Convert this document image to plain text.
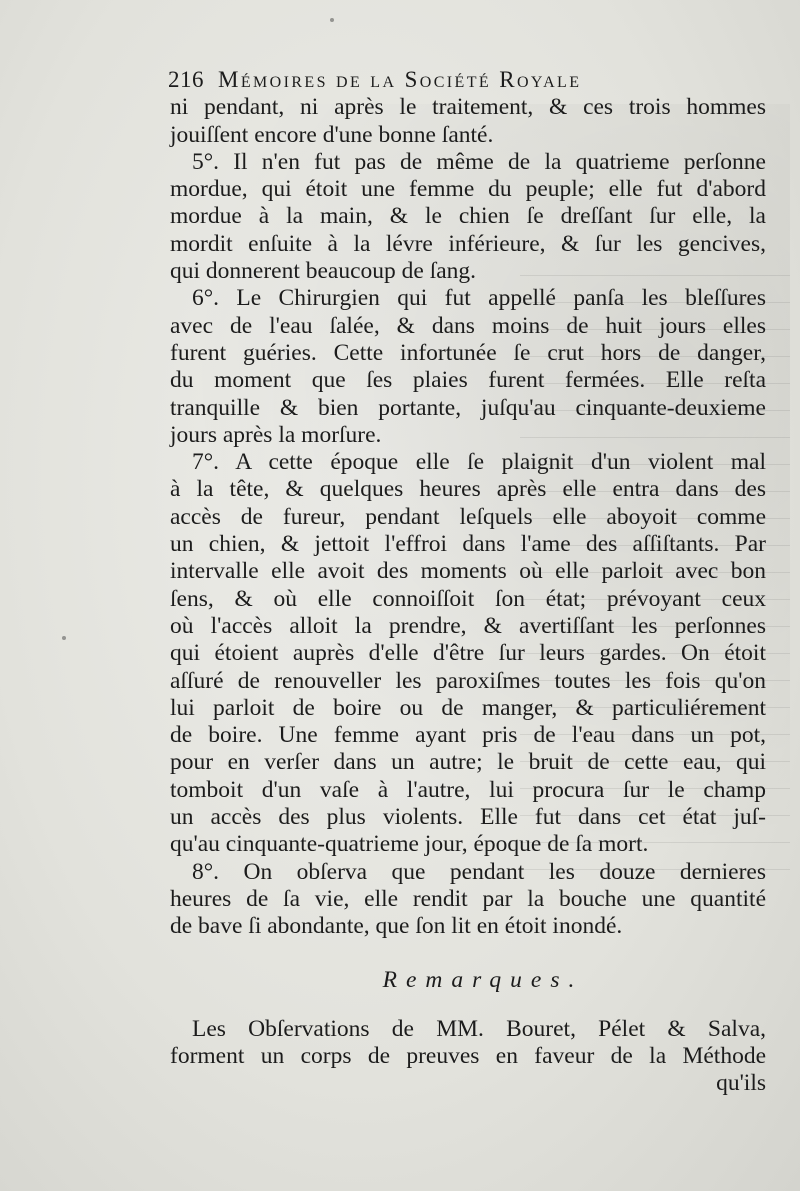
216 Mémoires de la Société Royale
ni pendant, ni après le traitement, & ces trois hommes
jouiſſent encore d'une bonne ſanté.
5°. Il n'en fut pas de même de la quatrieme perſonne
mordue, qui étoit une femme du peuple; elle fut d'abord
mordue à la main, & le chien ſe dreſſant ſur elle, la
mordit enſuite à la lévre inférieure, & ſur les gencives,
qui donnerent beaucoup de ſang.
6°. Le Chirurgien qui fut appellé panſa les bleſſures
avec de l'eau ſalée, & dans moins de huit jours elles
furent guéries. Cette infortunée ſe crut hors de danger,
du moment que ſes plaies furent fermées. Elle reſta
tranquille & bien portante, juſqu'au cinquante-deuxieme
jours après la morſure.
7°. A cette époque elle ſe plaignit d'un violent mal
à la tête, & quelques heures après elle entra dans des
accès de fureur, pendant leſquels elle aboyoit comme
un chien, & jettoit l'effroi dans l'ame des aſſiſtants. Par
intervalle elle avoit des moments où elle parloit avec bon
ſens, & où elle connoiſſoit ſon état; prévoyant ceux
où l'accès alloit la prendre, & avertiſſant les perſonnes
qui étoient auprès d'elle d'être ſur leurs gardes. On étoit
aſſuré de renouveller les paroxiſmes toutes les fois qu'on
lui parloit de boire ou de manger, & particuliérement
de boire. Une femme ayant pris de l'eau dans un pot,
pour en verſer dans un autre; le bruit de cette eau, qui
tomboit d'un vaſe à l'autre, lui procura ſur le champ
un accès des plus violents. Elle fut dans cet état juſ-
qu'au cinquante-quatrieme jour, époque de ſa mort.
8°. On obſerva que pendant les douze dernieres
heures de ſa vie, elle rendit par la bouche une quantité
de bave ſi abondante, que ſon lit en étoit inondé.
Remarques.
Les Obſervations de MM. Bouret, Pélet & Salva,
forment un corps de preuves en faveur de la Méthode
qu'ils
